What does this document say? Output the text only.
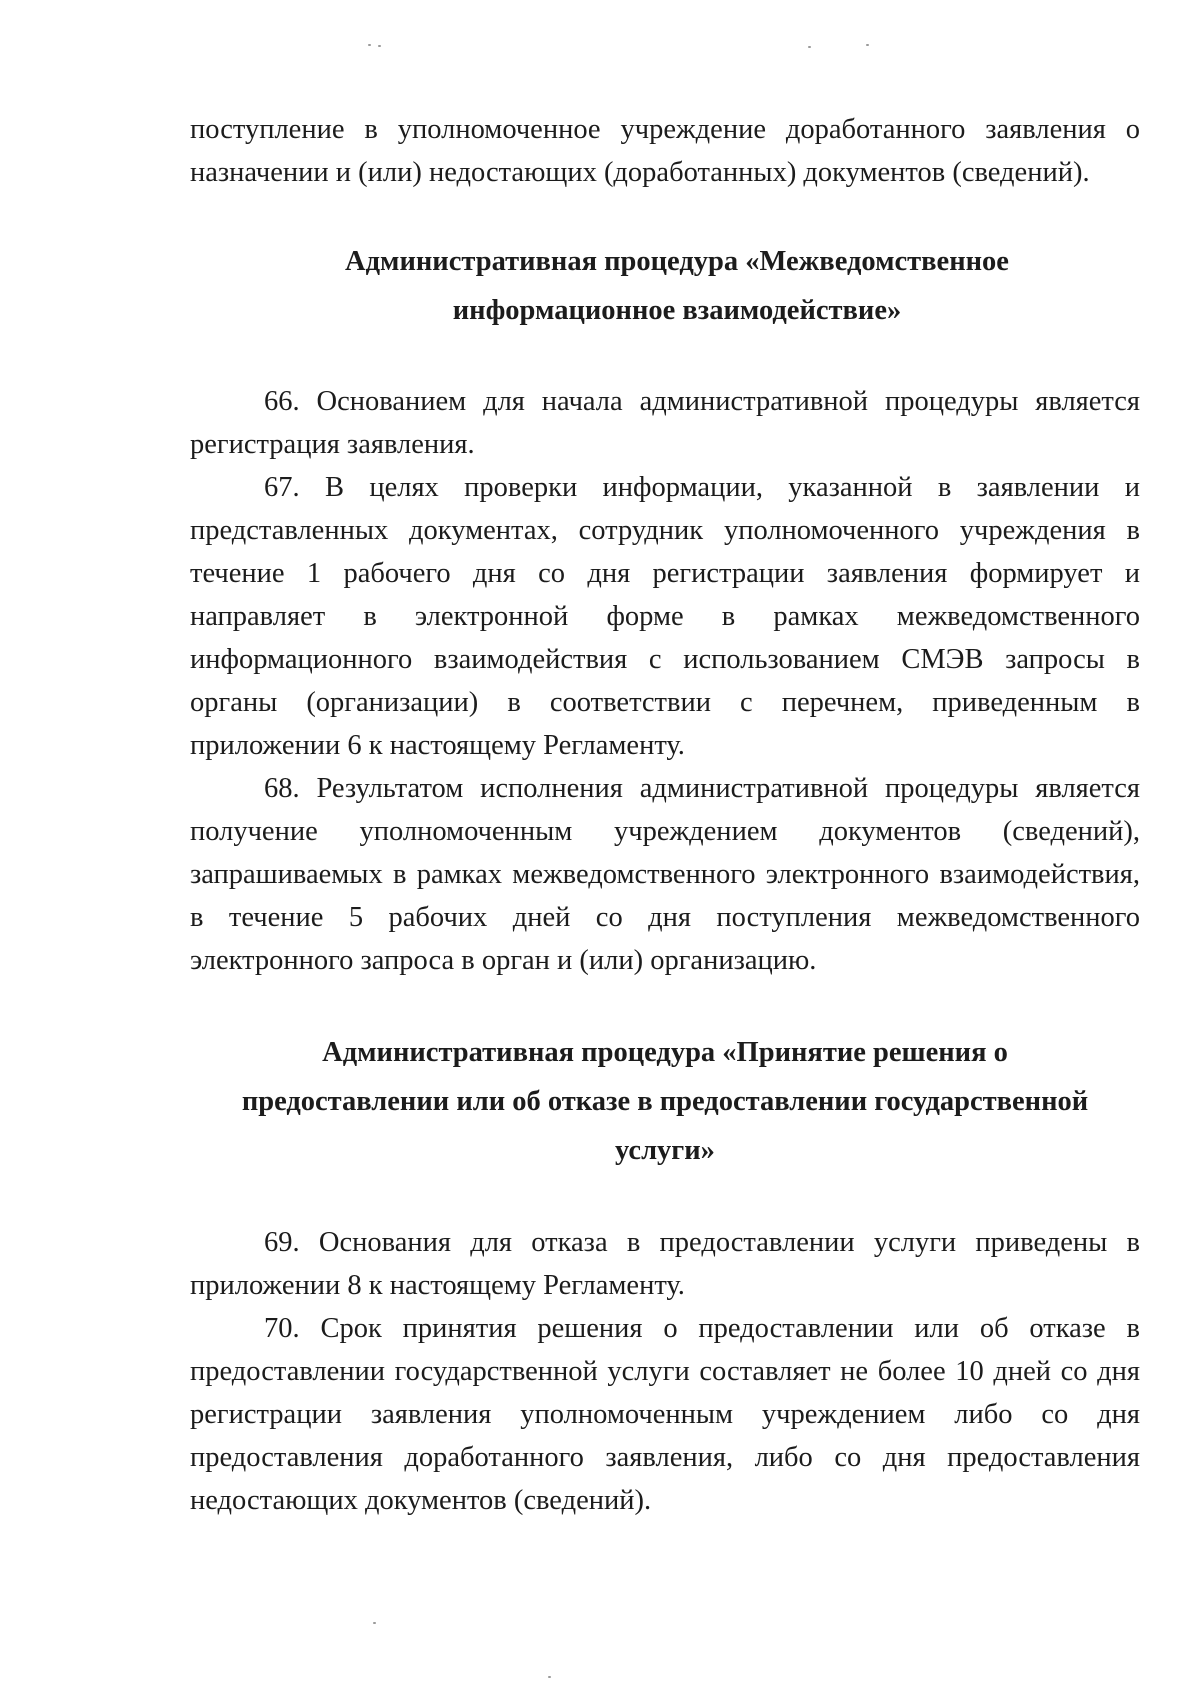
поступление в уполномоченное учреждение доработанного заявления о назначении и (или) недостающих (доработанных) документов (сведений).

Административная процедура «Межведомственное
информационное взаимодействие»

66. Основанием для начала административной процедуры является регистрация заявления.

67. В целях проверки информации, указанной в заявлении и представленных документах, сотрудник уполномоченного учреждения в течение 1 рабочего дня со дня регистрации заявления формирует и направляет в электронной форме в рамках межведомственного информационного взаимодействия с использованием СМЭВ запросы в органы (организации) в соответствии с перечнем, приведенным в приложении 6 к настоящему Регламенту.

68. Результатом исполнения административной процедуры является получение уполномоченным учреждением документов (сведений), запрашиваемых в рамках межведомственного электронного взаимодействия, в течение 5 рабочих дней со дня поступления межведомственного электронного запроса в орган и (или) организацию.

Административная процедура «Принятие решения о
предоставлении или об отказе в предоставлении государственной
услуги»

69. Основания для отказа в предоставлении услуги приведены в приложении 8 к настоящему Регламенту.

70. Срок принятия решения о предоставлении или об отказе в предоставлении государственной услуги составляет не более 10 дней со дня регистрации заявления уполномоченным учреждением либо со дня предоставления доработанного заявления, либо со дня предоставления недостающих документов (сведений).
